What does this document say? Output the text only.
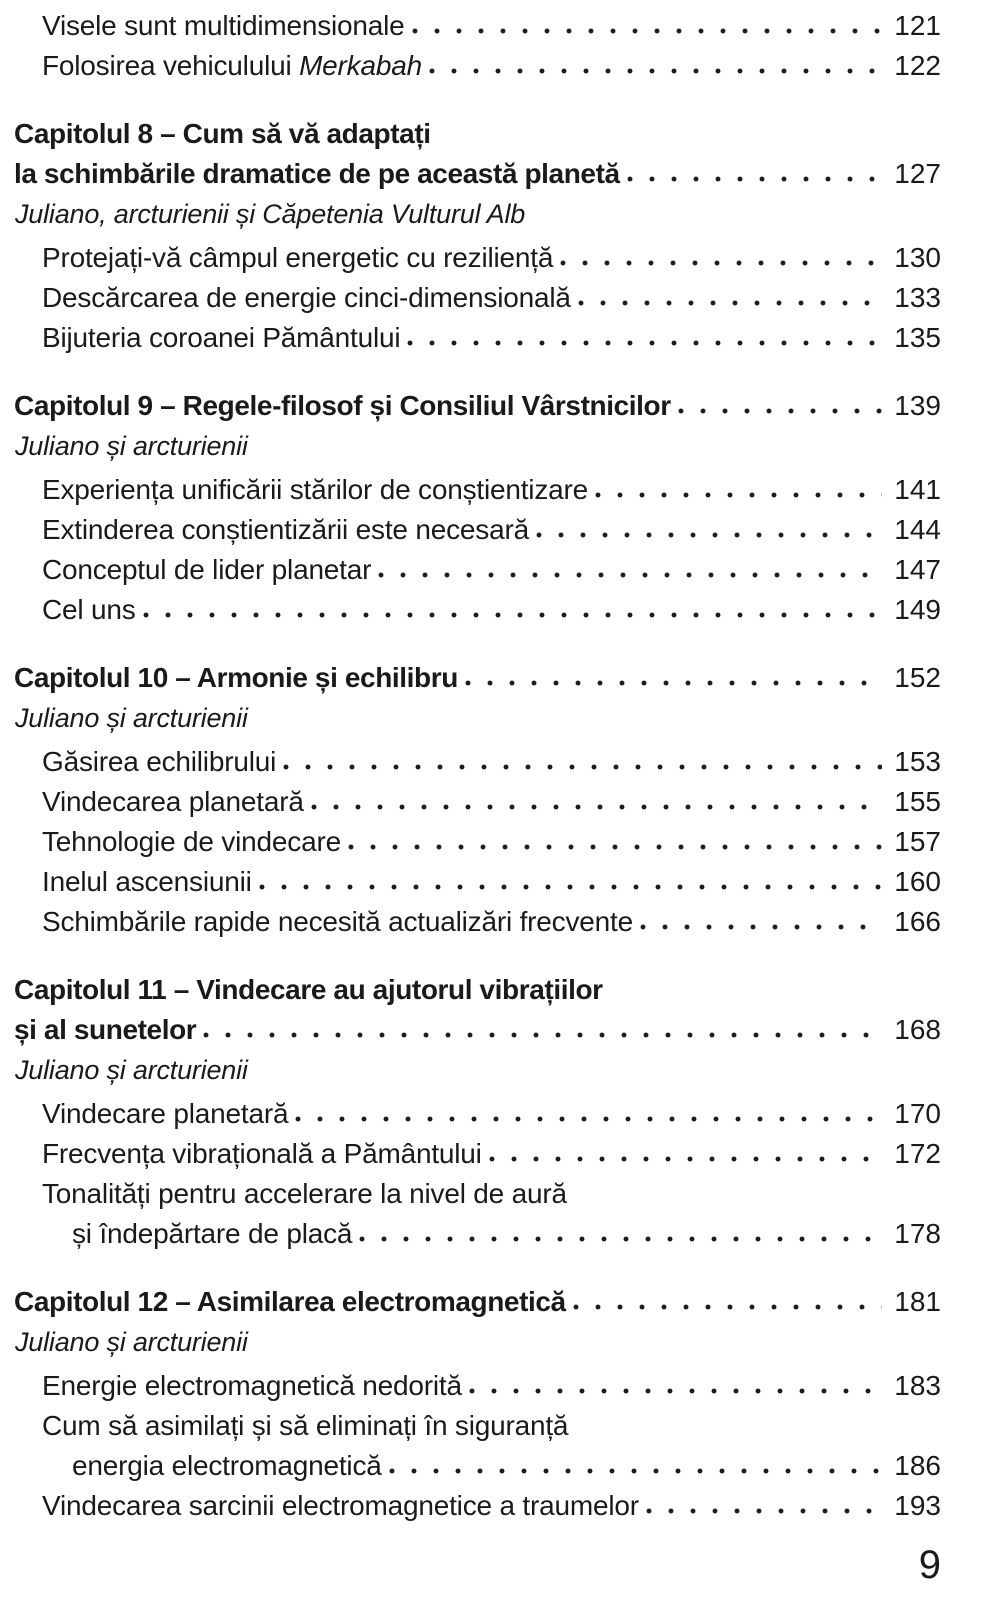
Visele sunt multidimensionale	121
Folosirea vehiculului Merkabah	122
Capitolul 8 – Cum să vă adaptați
la schimbările dramatice de pe această planetă	127
Juliano, arcturienii și Căpetenia Vulturul Alb
Protejați-vă câmpul energetic cu reziliență	130
Descărcarea de energie cinci-dimensională	133
Bijuteria coroanei Pământului	135
Capitolul 9 – Regele-filosof și Consiliul Vârstnicilor	139
Juliano și arcturienii
Experiența unificării stărilor de conștientizare	141
Extinderea conștientizării este necesară	144
Conceptul de lider planetar	147
Cel uns	149
Capitolul 10 – Armonie și echilibru	152
Juliano și arcturienii
Găsirea echilibrului	153
Vindecarea planetară	155
Tehnologie de vindecare	157
Inelul ascensiunii	160
Schimbările rapide necesită actualizări frecvente	166
Capitolul 11 – Vindecare au ajutorul vibrațiilor
și al sunetelor	168
Juliano și arcturienii
Vindecare planetară	170
Frecvența vibrațională a Pământului	172
Tonalități pentru accelerare la nivel de aură
și îndepărtare de placă	178
Capitolul 12 – Asimilarea electromagnetică	181
Juliano și arcturienii
Energie electromagnetică nedorită	183
Cum să asimilați și să eliminați în siguranță
energia electromagnetică	186
Vindecarea sarcinii electromagnetice a traumelor	193
9
